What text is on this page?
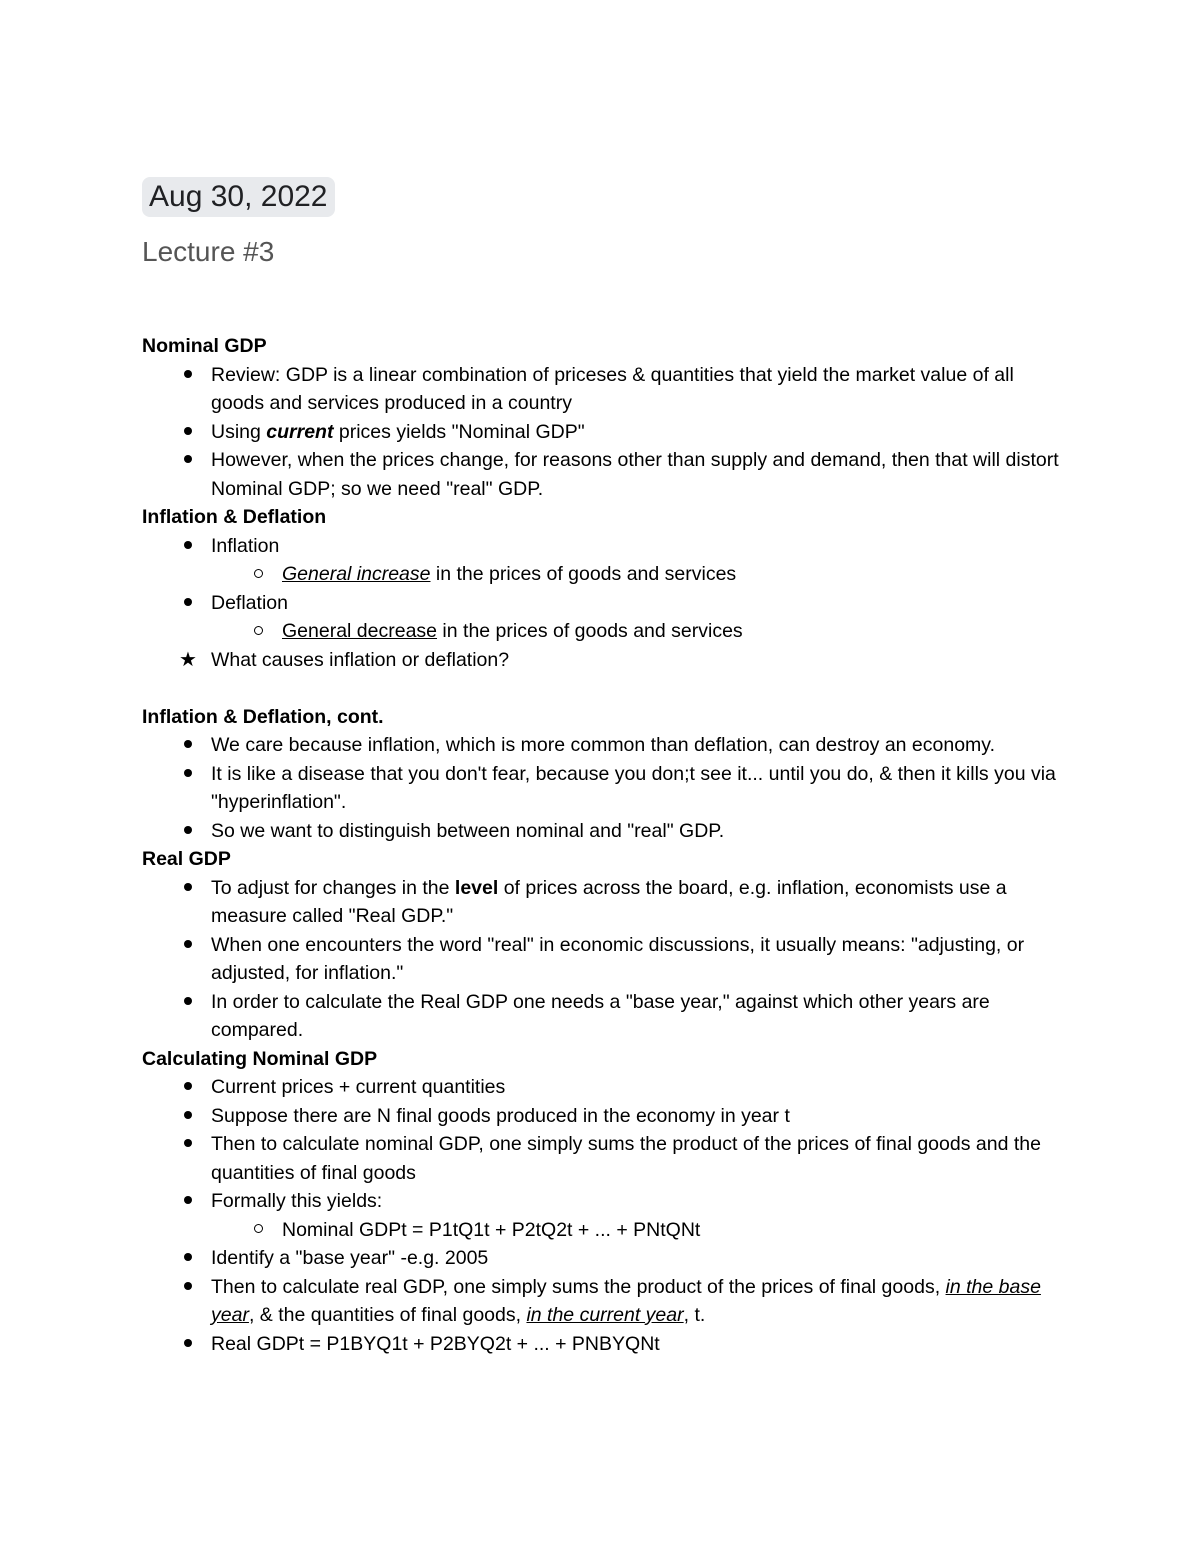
Aug 30, 2022
Lecture #3
Nominal GDP
Review: GDP is a linear combination of priceses & quantities that yield the market value of all goods and services produced in a country
Using current prices yields "Nominal GDP"
However, when the prices change, for reasons other than supply and demand, then that will distort Nominal GDP; so we need "real" GDP.
Inflation & Deflation
Inflation
General increase in the prices of goods and services
Deflation
General decrease in the prices of goods and services
★ What causes inflation or deflation?
Inflation & Deflation, cont.
We care because inflation, which is more common than deflation, can destroy an economy.
It is like a disease that you don't fear, because you don;t see it... until you do, & then it kills you via "hyperinflation".
So we want to distinguish between nominal and "real" GDP.
Real GDP
To adjust for changes in the level of prices across the board, e.g. inflation, economists use a measure called "Real GDP."
When one encounters the word "real" in economic discussions, it usually means: "adjusting, or adjusted, for inflation."
In order to calculate the Real GDP one needs a "base year," against which other years are compared.
Calculating Nominal GDP
Current prices + current quantities
Suppose there are N final goods produced in the economy in year t
Then to calculate nominal GDP, one simply sums the product of the prices of final goods and the quantities of final goods
Formally this yields:
Nominal GDPt = P1tQ1t + P2tQ2t + ... + PNtQNt
Identify a "base year" -e.g. 2005
Then to calculate real GDP, one simply sums the product of the prices of final goods, in the base year, & the quantities of final goods, in the current year, t.
Real GDPt = P1BYQ1t + P2BYQ2t + ... + PNBYQNt
